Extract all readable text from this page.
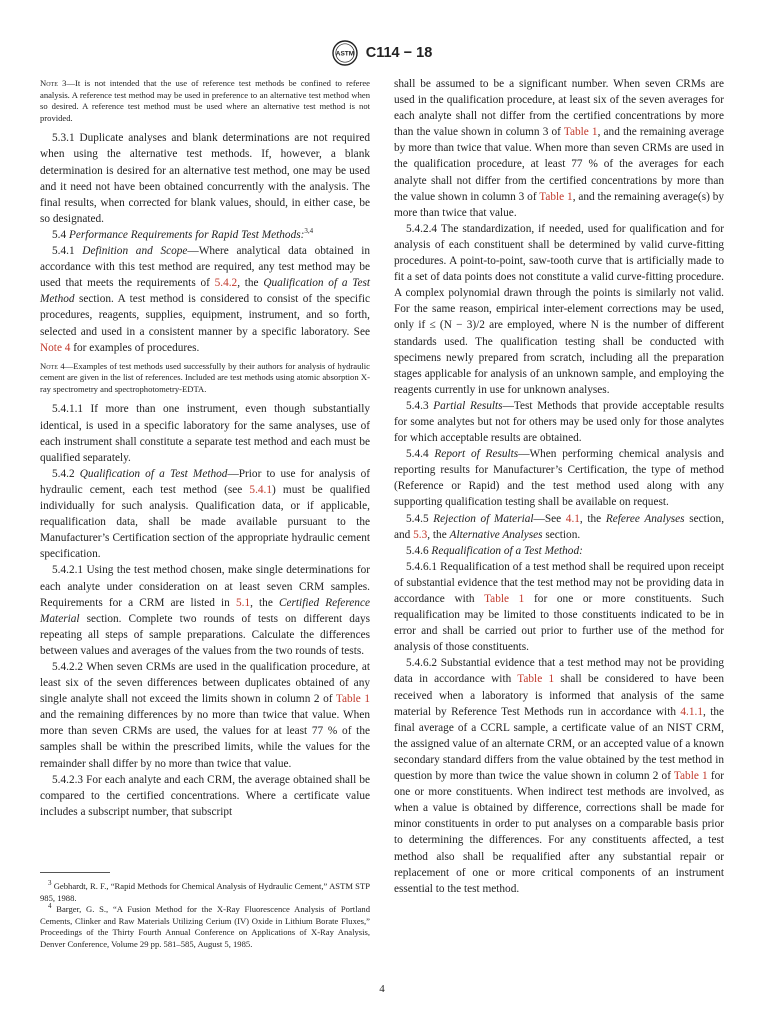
ASTM C114 − 18

Note 3—It is not intended that the use of reference test methods be confined to referee analysis. A reference test method may be used in preference to an alternative test method when so desired. A reference test method must be used where an alternative test method is not provided.

5.3.1 Duplicate analyses and blank determinations are not required when using the alternative test methods. If, however, a blank determination is desired for an alternative test method, one may be used and it need not have been obtained concurrently with the analysis. The final results, when corrected for blank values, should, in either case, be so designated.

5.4 Performance Requirements for Rapid Test Methods:$^{3,4}$

5.4.1 Definition and Scope—Where analytical data obtained in accordance with this test method are required, any test method may be used that meets the requirements of 5.4.2, the Qualification of a Test Method section. A test method is considered to consist of the specific procedures, reagents, supplies, equipment, instrument, and so forth, selected and used in a consistent manner by a specific laboratory. See Note 4 for examples of procedures.

Note 4—Examples of test methods used successfully by their authors for analysis of hydraulic cement are given in the list of references. Included are test methods using atomic absorption X-ray spectrometry and spectrophotometry-EDTA.

5.4.1.1 If more than one instrument, even though substantially identical, is used in a specific laboratory for the same analyses, use of each instrument shall constitute a separate test method and each must be qualified separately.

5.4.2 Qualification of a Test Method—Prior to use for analysis of hydraulic cement, each test method (see 5.4.1) must be qualified individually for such analysis. Qualification data, or if applicable, requalification data, shall be made available pursuant to the Manufacturer’s Certification section of the appropriate hydraulic cement specification.

5.4.2.1 Using the test method chosen, make single determinations for each analyte under consideration on at least seven CRM samples. Requirements for a CRM are listed in 5.1, the Certified Reference Material section. Complete two rounds of tests on different days repeating all steps of sample preparations. Calculate the differences between values and averages of the values from the two rounds of tests.

5.4.2.2 When seven CRMs are used in the qualification procedure, at least six of the seven differences between duplicates obtained of any single analyte shall not exceed the limits shown in column 2 of Table 1 and the remaining differences by no more than twice that value. When more than seven CRMs are used, the values for at least 77 % of the samples shall be within the prescribed limits, while the values for the remainder shall differ by no more than twice that value.

5.4.2.3 For each analyte and each CRM, the average obtained shall be compared to the certified concentrations. Where a certificate value includes a subscript number, that subscript

shall be assumed to be a significant number. When seven CRMs are used in the qualification procedure, at least six of the seven averages for each analyte shall not differ from the certified concentrations by more than the value shown in column 3 of Table 1, and the remaining average by more than twice that value. When more than seven CRMs are used in the qualification procedure, at least 77 % of the averages for each analyte shall not differ from the certified concentrations by more than the value shown in column 3 of Table 1, and the remaining average(s) by more than twice that value.

5.4.2.4 The standardization, if needed, used for qualification and for analysis of each constituent shall be determined by valid curve-fitting procedures. A point-to-point, saw-tooth curve that is artificially made to fit a set of data points does not constitute a valid curve-fitting procedure. A complex polynomial drawn through the points is similarly not valid. For the same reason, empirical inter-element corrections may be used, only if ≤ (N − 3)/2 are employed, where N is the number of different standards used. The qualification testing shall be conducted with specimens newly prepared from scratch, including all the preparation stages applicable for analysis of an unknown sample, and employing the reagents currently in use for unknown analyses.

5.4.3 Partial Results—Test Methods that provide acceptable results for some analytes but not for others may be used only for those analytes for which acceptable results are obtained.

5.4.4 Report of Results—When performing chemical analysis and reporting results for Manufacturer’s Certification, the type of method (Reference or Rapid) and the test method used along with any supporting qualification testing shall be available on request.

5.4.5 Rejection of Material—See 4.1, the Referee Analyses section, and 5.3, the Alternative Analyses section.

5.4.6 Requalification of a Test Method:

5.4.6.1 Requalification of a test method shall be required upon receipt of substantial evidence that the test method may not be providing data in accordance with Table 1 for one or more constituents. Such requalification may be limited to those constituents indicated to be in error and shall be carried out prior to further use of the method for analysis of those constituents.

5.4.6.2 Substantial evidence that a test method may not be providing data in accordance with Table 1 shall be considered to have been received when a laboratory is informed that analysis of the same material by Reference Test Methods run in accordance with 4.1.1, the final average of a CCRL sample, a certificate value of an NIST CRM, the assigned value of an alternate CRM, or an accepted value of a known secondary standard differs from the value obtained by the test method in question by more than twice the value shown in column 2 of Table 1 for one or more constituents. When indirect test methods are involved, as when a value is obtained by difference, corrections shall be made for minor constituents in order to put analyses on a comparable basis prior to determining the differences. For any constituents affected, a test method also shall be requalified after any substantial repair or replacement of one or more critical components of an instrument essential to the test method.

$^3$ Gebhardt, R. F., “Rapid Methods for Chemical Analysis of Hydraulic Cement,” ASTM STP 985, 1988.

$^4$ Barger, G. S., “A Fusion Method for the X-Ray Fluorescence Analysis of Portland Cements, Clinker and Raw Materials Utilizing Cerium (IV) Oxide in Lithium Borate Fluxes,” Proceedings of the Thirty Fourth Annual Conference on Applications of X-Ray Analysis, Denver Conference, Volume 29 pp. 581–585, August 5, 1985.

4
